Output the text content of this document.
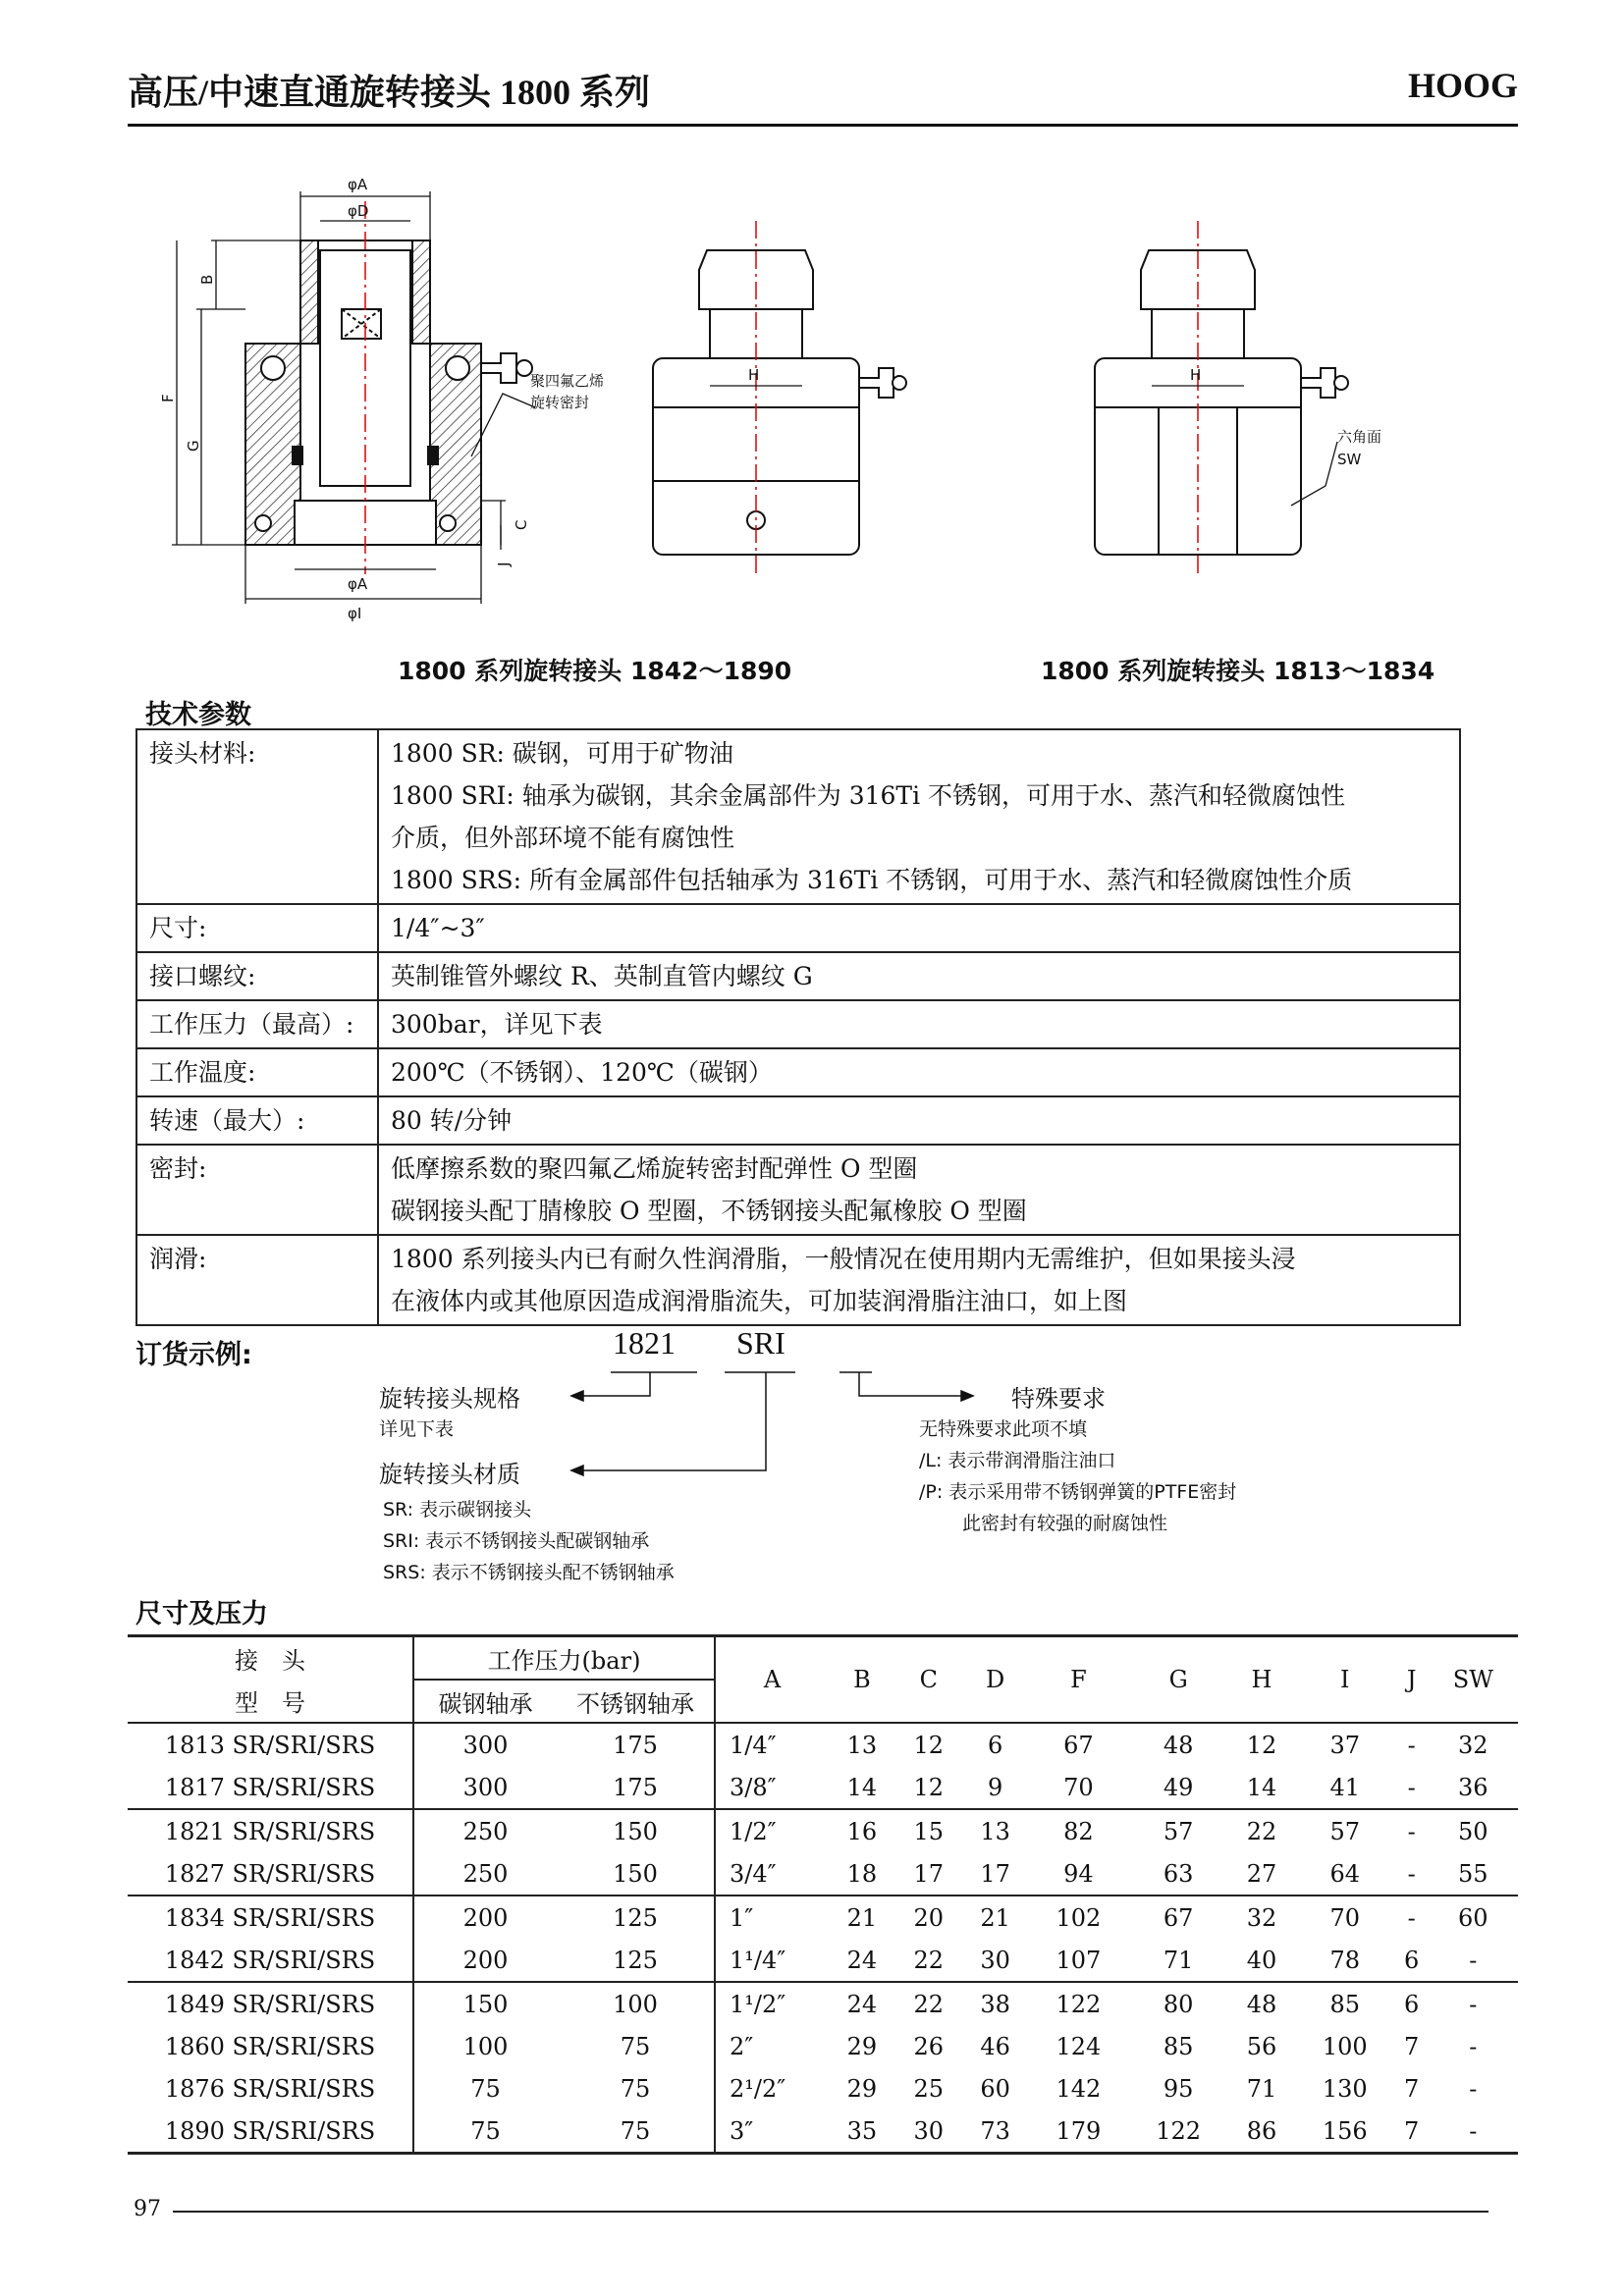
高压/中速直通旋转接头 1800 系列	HOOG
φA
φD
φA
φI
B
F
G
C
J
聚四氟乙烯
旋转密封
H	H
六角面
SW
1800 系列旋转接头 1842～1890	1800 系列旋转接头 1813～1834
技术参数
接头材料:	1800 SR: 碳钢，可用于矿物油
1800 SRI: 轴承为碳钢，其余金属部件为 316Ti 不锈钢，可用于水、蒸汽和轻微腐蚀性
介质，但外部环境不能有腐蚀性
1800 SRS: 所有金属部件包括轴承为 316Ti 不锈钢，可用于水、蒸汽和轻微腐蚀性介质

尺寸:	1/4″~3″

接口螺纹:	英制锥管外螺纹 R、英制直管内螺纹 G

工作压力（最高）:	300bar，详见下表

工作温度:	200℃（不锈钢）、120℃（碳钢）

转速（最大）:	80 转/分钟

密封:	低摩擦系数的聚四氟乙烯旋转密封配弹性 O 型圈
碳钢接头配丁腈橡胶 O 型圈，不锈钢接头配氟橡胶 O 型圈

润滑:	1800 系列接头内已有耐久性润滑脂，一般情况在使用期内无需维护，但如果接头浸
在液体内或其他原因造成润滑脂流失，可加装润滑脂注油口，如上图
订货示例:	1821 SRI
旋转接头规格
详见下表
旋转接头材质
SR: 表示碳钢接头
SRI: 表示不锈钢接头配碳钢轴承
SRS: 表示不锈钢接头配不锈钢轴承
特殊要求
无特殊要求此项不填
/L: 表示带润滑脂注油口
/P: 表示采用带不锈钢弹簧的PTFE密封
此密封有较强的耐腐蚀性
尺寸及压力
接　头	工作压力(bar)		A	B	C	D	F	G	H	I	J	SW
型　号	碳钢轴承	不锈钢轴承										
1813 SR/SRI/SRS	300	175	1/4″	13	12	6	67	48	12	37	-	32
1817 SR/SRI/SRS	300	175	3/8″	14	12	9	70	49	14	41	-	36
1821 SR/SRI/SRS	250	150	1/2″	16	15	13	82	57	22	57	-	50
1827 SR/SRI/SRS	250	150	3/4″	18	17	17	94	63	27	64	-	55
1834 SR/SRI/SRS	200	125	1″	21	20	21	102	67	32	70	-	60
1842 SR/SRI/SRS	200	125	1¹/4″	24	22	30	107	71	40	78	6	-
1849 SR/SRI/SRS	150	100	1¹/2″	24	22	38	122	80	48	85	6	-
1860 SR/SRI/SRS	100	75	2″	29	26	46	124	85	56	100	7	-
1876 SR/SRI/SRS	75	75	2¹/2″	29	25	60	142	95	71	130	7	-
1890 SR/SRI/SRS	75	75	3″	35	30	73	179	122	86	156	7	-
97
